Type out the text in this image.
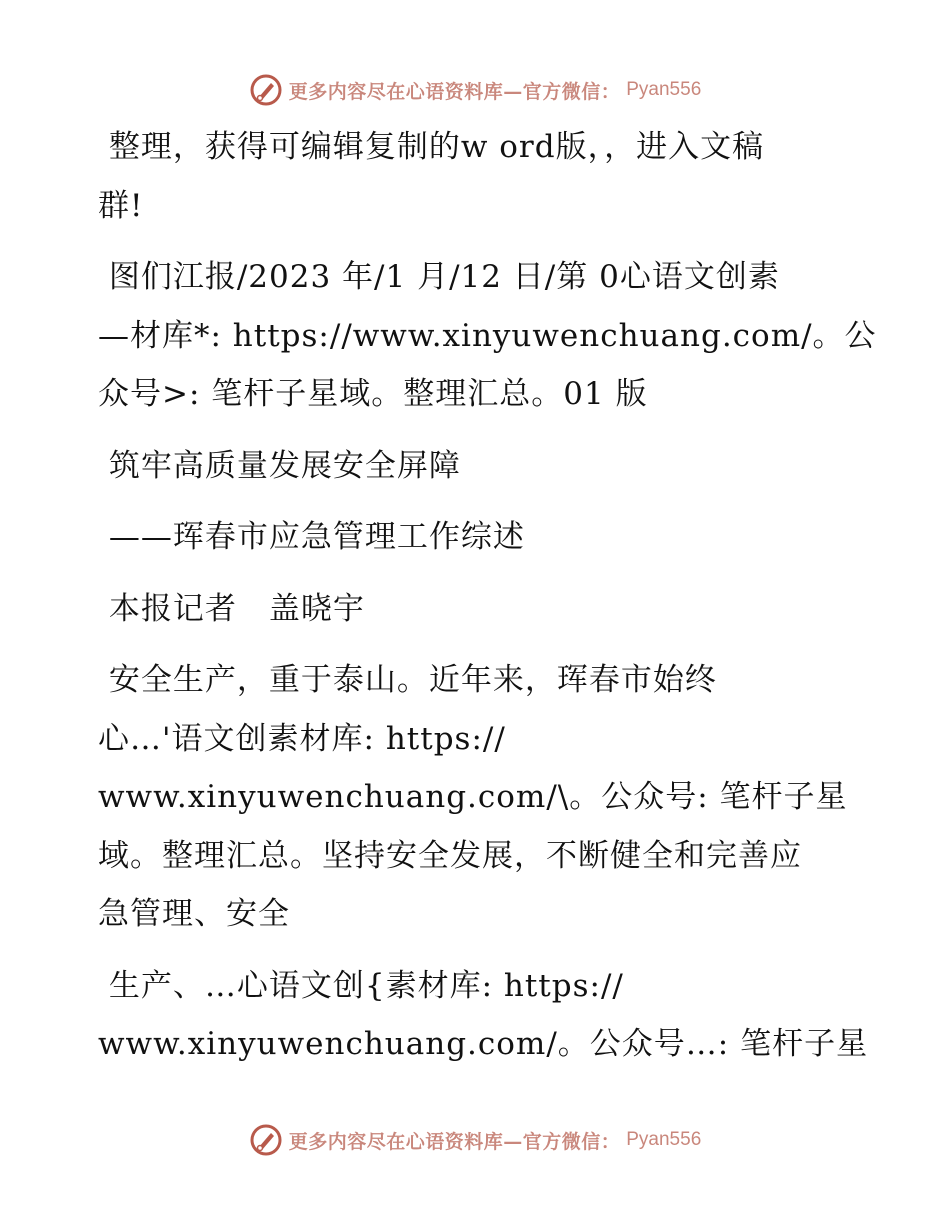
更多内容尽在心语资料库—官方微信： Pyan556
整理，获得可编辑复制的w ord版，，进入文稿
群!
图们江报/2023 年/1 月/12 日/第 0心语文创素
—材库*: https://www.xinyuwenchuang.com/。公
众号>: 笔杆子星域。整理汇总。01 版
筑牢高质量发展安全屏障
——珲春市应急管理工作综述
本报记者　盖晓宇
安全生产，重于泰山。近年来，珲春市始终
心…'语文创素材库: https://
www.xinyuwenchuang.com/\。公众号: 笔杆子星
域。整理汇总。坚持安全发展，不断健全和完善应
急管理、安全
生产、…心语文创{素材库: https://
www.xinyuwenchuang.com/。公众号…: 笔杆子星
更多内容尽在心语资料库—官方微信： Pyan556
